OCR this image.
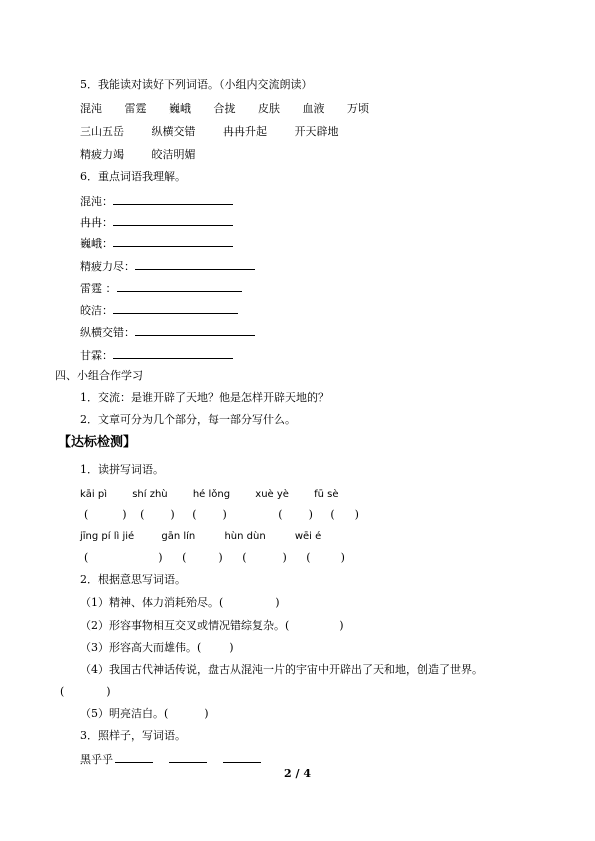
5．我能读对读好下列词语。（小组内交流朗读）
混沌 雷霆 巍峨 合拢 皮肤 血液 万顷
三山五岳	纵横交错	冉冉升起	开天辟地
精疲力竭	皎洁明媚
6．重点词语我理解。
混沌：
冉冉：
巍峨：
精疲力尽：
雷霆 ：
皎洁：
纵横交错：
甘霖：
四、小组合作学习
1．交流：是谁开辟了天地？他是怎样开辟天地的？
2．文章可分为几个部分，每一部分写什么。
【达标检测】
1．读拼写词语。
kāi pì	shí zhù	hé lǒng	xuè yè	fū sè
(	) ( ) ( )	( ) ( )
jīng pí lì jié	gān lín	hùn dùn	wēi é
(	) (	) (	) (	)
2．根据意思写词语。
（1）精神、体力消耗殆尽。(	)
（2）形容事物相互交叉或情况错综复杂。(	)
（3）形容高大而雄伟。(	)
（4）我国古代神话传说，盘古从混沌一片的宇宙中开辟出了天和地，创造了世界。
(	)
（5）明亮洁白。(	)
3．照样子，写词语。
黑乎乎
2 / 4
